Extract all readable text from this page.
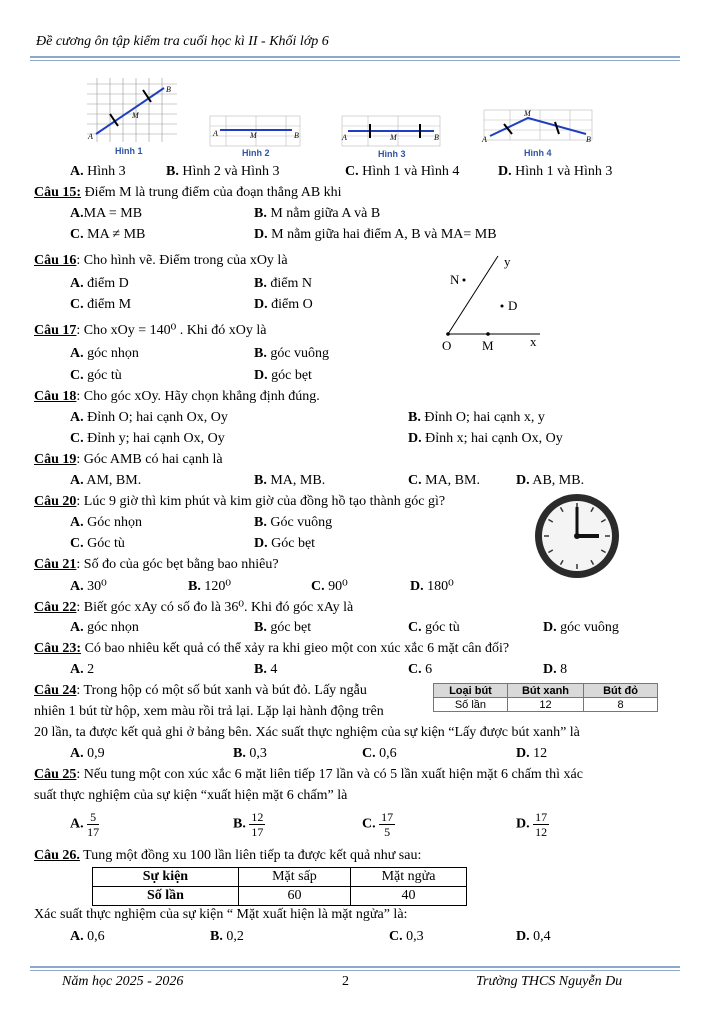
Đề cương ôn tập kiểm tra cuối học kì II - Khối lớp 6
A
B
M
Hình 1
A	M	B
Hình 2
A	M	B
Hình 3
A
M
B
Hình 4
A. Hình 3	B. Hình 2 và Hình 3	C. Hình 1 và Hình 4	D. Hình 1 và Hình 3
Câu 15: Điểm M là trung điểm của đoạn thẳng AB khi
A.MA = MB	B. M nằm giữa A và B
C. MA ≠ MB	D. M nằm giữa hai điểm A, B và MA= MB
N
D
O M	x
y
Câu 16: Cho hình vẽ. Điểm trong của xOy là
A. điểm D	B. điểm N
C. điểm M	D. điểm O
Câu 17: Cho xOy = 140⁰ . Khi đó xOy là
A. góc nhọn	B. góc vuông
C. góc tù	D. góc bẹt
Câu 18: Cho góc xOy. Hãy chọn khẳng định đúng.
A. Đỉnh O; hai cạnh Ox, Oy	B. Đỉnh O; hai cạnh x, y
C. Đỉnh y; hai cạnh Ox, Oy	D. Đỉnh x; hai cạnh Ox, Oy
Câu 19: Góc AMB có hai cạnh là
A. AM, BM.	B. MA, MB.	C. MA, BM.	D. AB, MB.
Câu 20: Lúc 9 giờ thì kim phút và kim giờ của đồng hồ tạo thành góc gì?
A. Góc nhọn	B. Góc vuông
C. Góc tù	D. Góc bẹt
Câu 21: Số đo của góc bẹt bằng bao nhiêu?
A. 30⁰	B. 120⁰	C. 90⁰	D. 180⁰
Câu 22: Biết góc xAy có số đo là 36⁰. Khi đó góc xAy là
A. góc nhọn	B. góc bẹt	C. góc tù	D. góc vuông
Câu 23: Có bao nhiêu kết quả có thể xảy ra khi gieo một con xúc xắc 6 mặt cân đối?
A. 2	B. 4	C. 6	D. 8
Câu 24: Trong hộp có một số bút xanh và bút đỏ. Lấy ngẫu
nhiên 1 bút từ hộp, xem màu rồi trả lại. Lặp lại hành động trên
20 lần, ta được kết quả ghi ở bảng bên. Xác suất thực nghiệm của sự kiện “Lấy được bút xanh” là
Loại bút	Bút xanh	Bút đỏ
Số lần	12	8
A. 0,9	B. 0,3	C. 0,6	D. 12
Câu 25: Nếu tung một con xúc xắc 6 mặt liên tiếp 17 lần và có 5 lần xuất hiện mặt 6 chấm thì xác
suất thực nghiệm của sự kiện “xuất hiện mặt 6 chấm” là
A. $\frac{5}{17}$	B. $\frac{12}{17}$	C. $\frac{17}{5}$	D. $\frac{17}{12}$
Câu 26. Tung một đồng xu 100 lần liên tiếp ta được kết quả như sau:
Sự kiện	Mặt sấp	Mặt ngửa
Số lần	60	40
Xác suất thực nghiệm của sự kiện “ Mặt xuất hiện là mặt ngửa” là:
A. 0,6	B. 0,2	C. 0,3	D. 0,4
Năm học 2025 - 2026	2	Trường THCS Nguyễn Du
